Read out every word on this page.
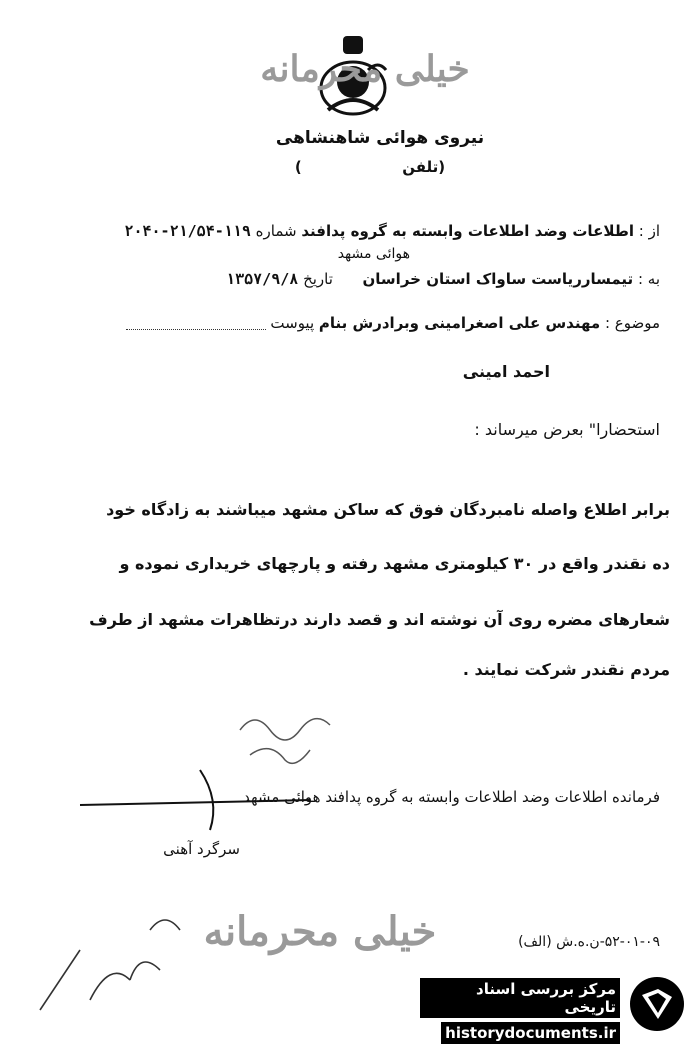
خیلی محرمانه
نیروی هوائی شاهنشاهی
(تلفن  )
از : اطلاعات وضد اطلاعات وابسته به گروه پدافند شماره ۱۱۹-۲۱/۵۴-۲۰۴۰
هوائی مشهد
به : تیمسارریاست ساواک استان خراسان  تاریخ ۱۳۵۷/۹/۸
موضوع : مهندس علی اصغرامینی وبرادرش بنام پیوست
احمد امینی
استحضارا" بعرض میرساند :
برابر اطلاع واصله نامبردگان فوق که ساکن مشهد میباشند به زادگاه خود
ده نقندر واقع در ۳۰ کیلومتری مشهد رفته و پارچهای خریداری نموده و
شعارهای مضره روی آن نوشته اند و قصد دارند درتظاهرات مشهد از طرف
مردم نقندر شرکت نمایند .
فرمانده اطلاعات وضد اطلاعات وابسته به گروه پدافند هوائی مشهد
سرگرد آهنی
۵۲-۰۱-۰۹-ن.ه.ش (الف)
خیلی محرمانه
مرکز بررسی اسناد تاریخی
historydocuments.ir
